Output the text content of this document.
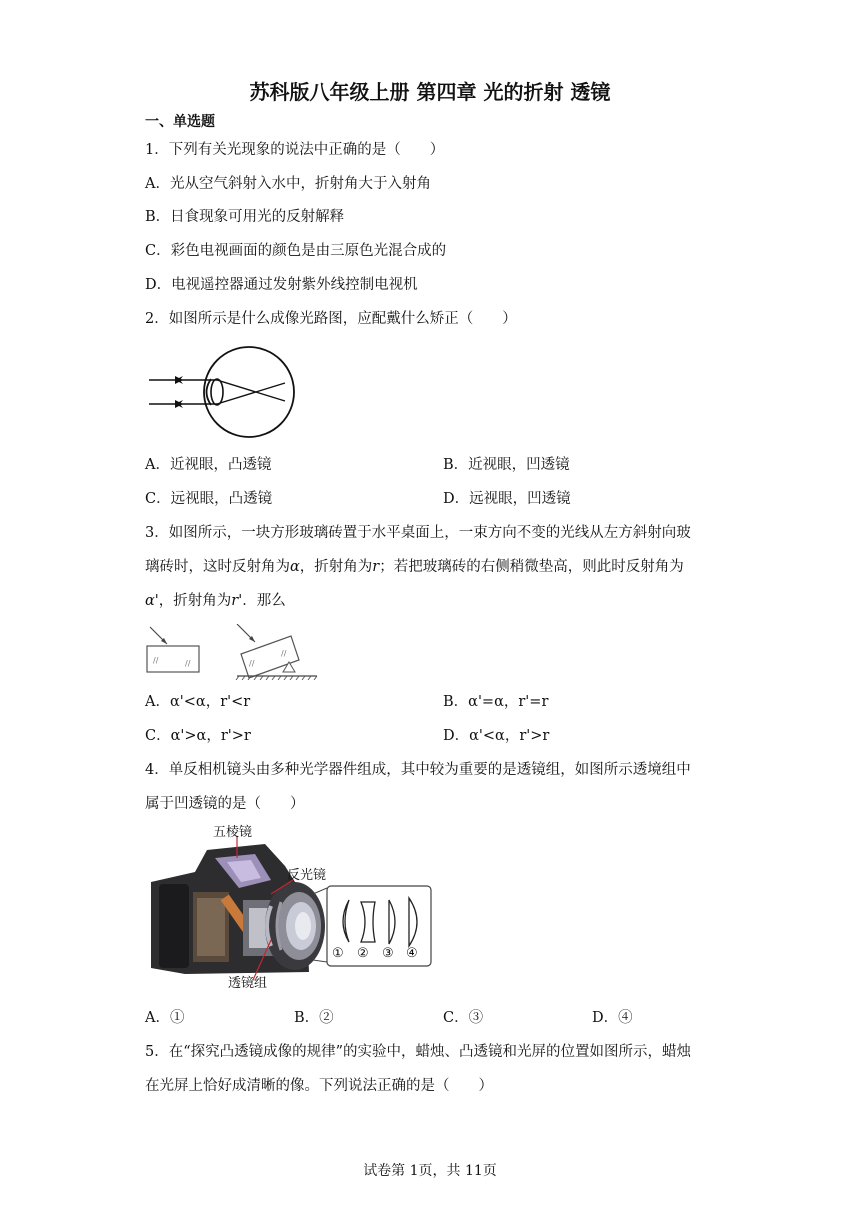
苏科版八年级上册 第四章 光的折射 透镜
一、单选题
1．下列有关光现象的说法中正确的是（　　）
A．光从空气斜射入水中，折射角大于入射角
B．日食现象可用光的反射解释
C．彩色电视画面的颜色是由三原色光混合成的
D．电视遥控器通过发射紫外线控制电视机
2．如图所示是什么成像光路图，应配戴什么矫正（　　）
A．近视眼，凸透镜	B．近视眼，凹透镜
C．远视眼，凸透镜	D．远视眼，凹透镜
3．如图所示，一块方形玻璃砖置于水平桌面上，一束方向不变的光线从左方斜射向玻
璃砖时，这时反射角为α，折射角为r；若把玻璃砖的右侧稍微垫高，则此时反射角为
α'，折射角为r'．那么
//	//	//
//
A．α'<α，r'<r	B．α'=α，r'=r
C．α'>α，r'>r	D．α'<α，r'>r
4．单反相机镜头由多种光学器件组成，其中较为重要的是透镜组，如图所示透境组中
属于凹透镜的是（　　）
五棱镜
反光镜
透镜组
① ② ③ ④
A．①	B．②	C．③	D．④
5．在“探究凸透镜成像的规律”的实验中，蜡烛、凸透镜和光屏的位置如图所示，蜡烛
在光屏上恰好成清晰的像。下列说法正确的是（　　）
试卷第 1页，共 11页
